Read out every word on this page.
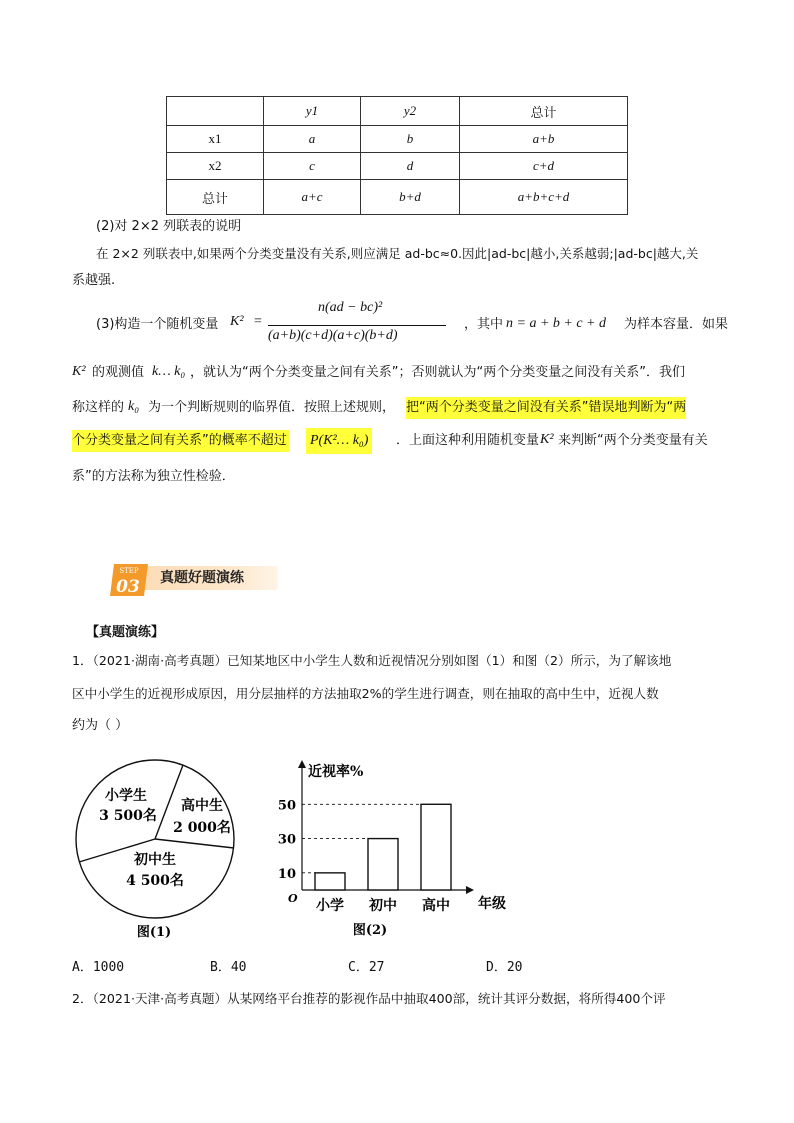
	y1	y2	总计
x1	a	b	a+b
x2	c	d	c+d
总计	a+c	b+d	a+b+c+d
(2)对 2×2 列联表的说明
在 2×2 列联表中,如果两个分类变量没有关系,则应满足 ad-bc≈0.因此|ad-bc|越小,关系越弱;|ad-bc|越大,关
系越强.
(3)构造一个随机变量 K² =
n(ad − bc)²
(a+b)(c+d)(a+c)(b+d)
，其中 n = a + b + c + d 为样本容量．如果
K² 的观测值 k… k₀ ，就认为“两个分类变量之间有关系”；否则就认为“两个分类变量之间没有关系”．我们
称这样的 k₀ 为一个判断规则的临界值．按照上述规则， 把“两个分类变量之间没有关系”错误地判断为“两
个分类变量之间有关系”的概率不超过 P(K²… k₀)	．上面这种利用随机变量 K² 来判断“两个分类变量有关
系”的方法称为独立性检验．
STEP
03 真题好题演练
【真题演练】
1．（2021·湖南·高考真题）已知某地区中小学生人数和近视情况分别如图（1）和图（2）所示，为了解该地
区中小学生的近视形成原因，用分层抽样的方法抽取2%的学生进行调查，则在抽取的高中生中，近视人数
约为（ ）
小学生
3 500名
高中生
2 000名
初中生
4 500名
图(1)
近视率%
O	年级
10
30
50
小学 初中 高中
图(2)
A．1000	B．40	C．27	D．20
2．（2021·天津·高考真题）从某网络平台推荐的影视作品中抽取400部，统计其评分数据，将所得400个评
